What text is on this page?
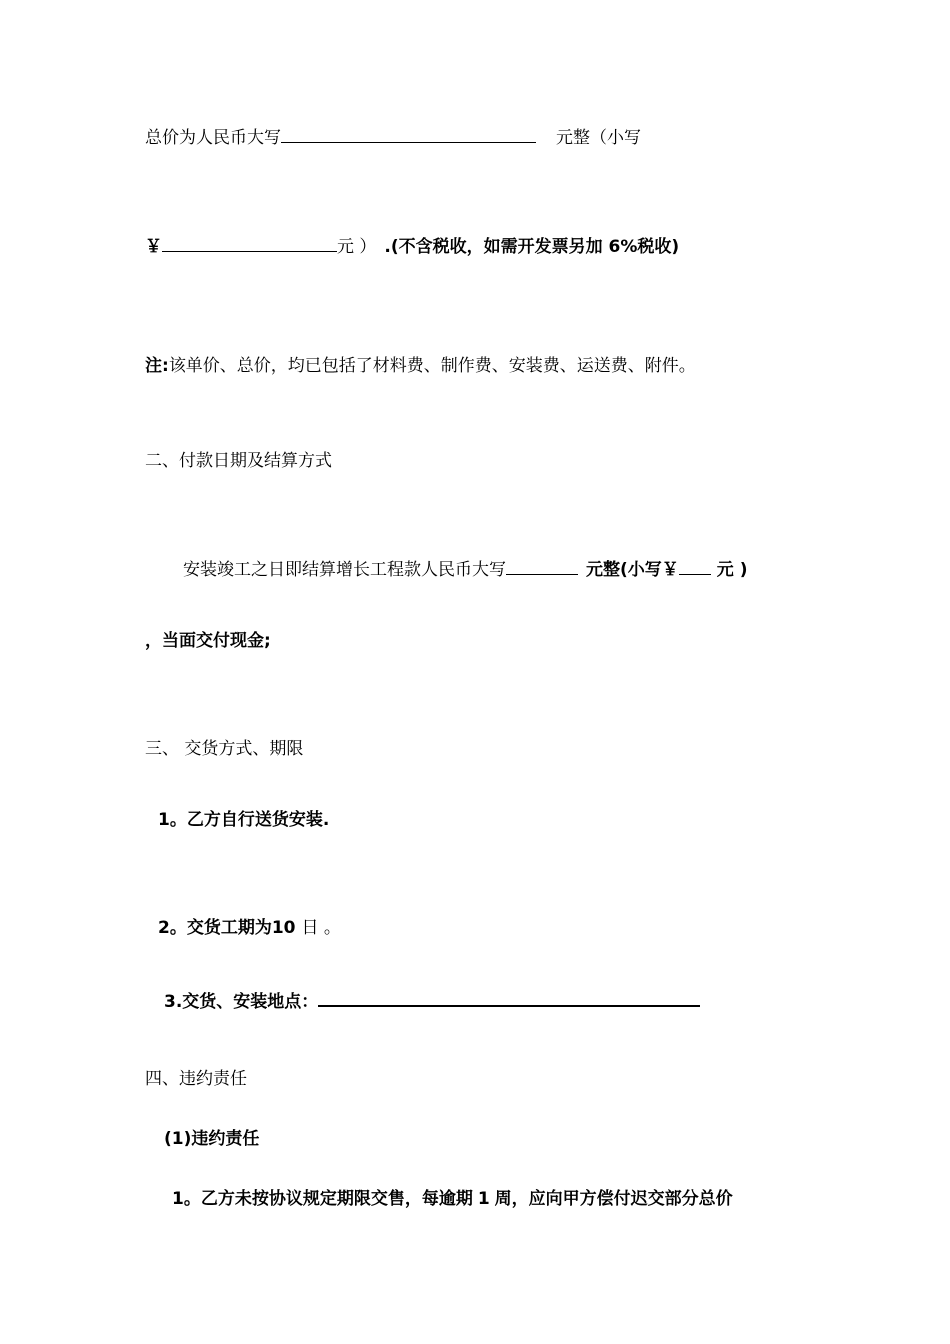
总价为人民币大写	元整（小写
￥	元 ） .(不含税收，如需开发票另加 6%税收)
注:该单价、总价，均已包括了材料费、制作费、安装费、运送费、附件。
二、付款日期及结算方式
安装竣工之日即结算增长工程款人民币大写	元整(小写￥ 元 )
，当面交付现金;
三、 交货方式、期限
1。乙方自行送货安装.
2。交货工期为10 日 。
3.交货、安装地点：
四、违约责任
(1)违约责任
1。乙方未按协议规定期限交售，每逾期 1 周，应向甲方偿付迟交部分总价
